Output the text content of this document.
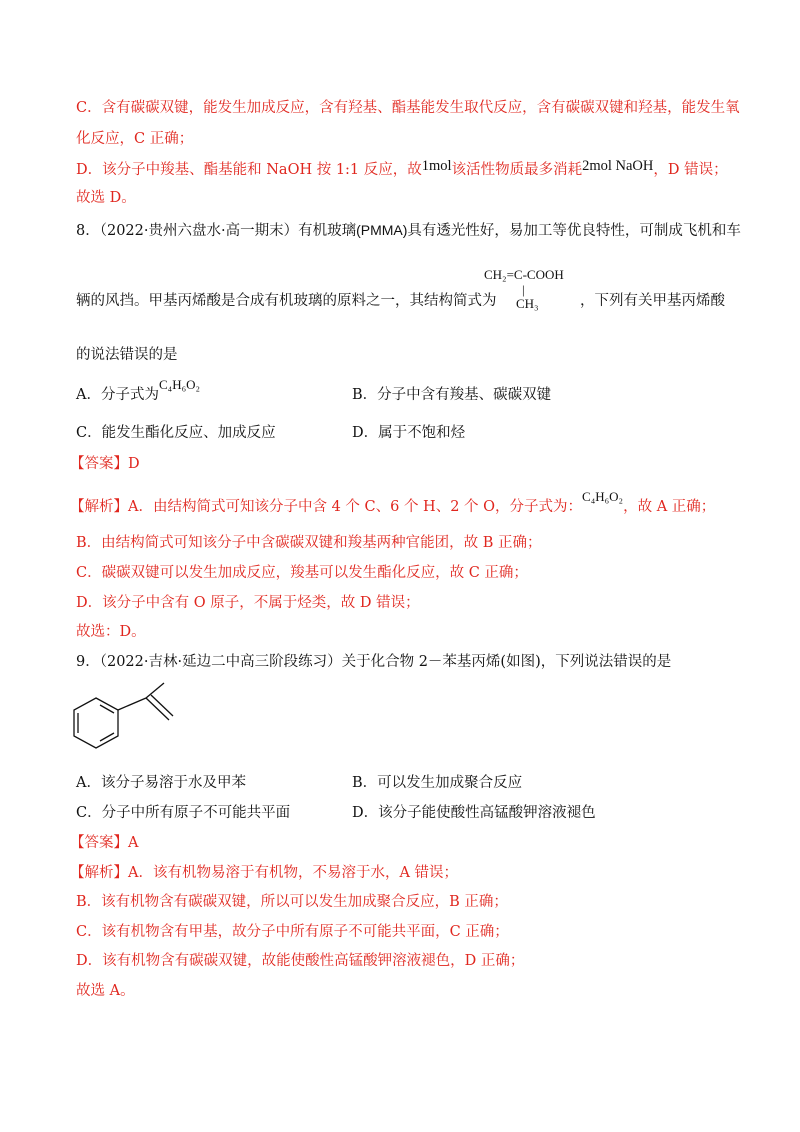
C．含有碳碳双键，能发生加成反应，含有羟基、酯基能发生取代反应，含有碳碳双键和羟基，能发生氧
化反应，C 正确；
D．该分子中羧基、酯基能和 NaOH 按 1:1 反应，故1mol该活性物质最多消耗2mol NaOH，D 错误；
故选 D。
8．（2022·贵州六盘水·高一期末）有机玻璃(PMMA)具有透光性好，易加工等优良特性，可制成飞机和车
CH₂=C-COOH
|
CH₃
辆的风挡。甲基丙烯酸是合成有机玻璃的原料之一，其结构简式为	，下列有关甲基丙烯酸
的说法错误的是
A．分子式为C₄H₆O₂
B．分子中含有羧基、碳碳双键
C．能发生酯化反应、加成反应	D．属于不饱和烃
【答案】D
【解析】A．由结构简式可知该分子中含 4 个 C、6 个 H、2 个 O，分子式为：C₄H₆O₂，故 A 正确；
B．由结构简式可知该分子中含碳碳双键和羧基两种官能团，故 B 正确；
C．碳碳双键可以发生加成反应，羧基可以发生酯化反应，故 C 正确；
D．该分子中含有 O 原子，不属于烃类，故 D 错误；
故选：D。
9．（2022·吉林·延边二中高三阶段练习）关于化合物 2－苯基丙烯(如图)，下列说法错误的是
A．该分子易溶于水及甲苯	B．可以发生加成聚合反应
C．分子中所有原子不可能共平面	D．该分子能使酸性高锰酸钾溶液褪色
【答案】A
【解析】A．该有机物易溶于有机物，不易溶于水，A 错误；
B．该有机物含有碳碳双键，所以可以发生加成聚合反应，B 正确；
C．该有机物含有甲基，故分子中所有原子不可能共平面，C 正确；
D．该有机物含有碳碳双键，故能使酸性高锰酸钾溶液褪色，D 正确；
故选 A。
